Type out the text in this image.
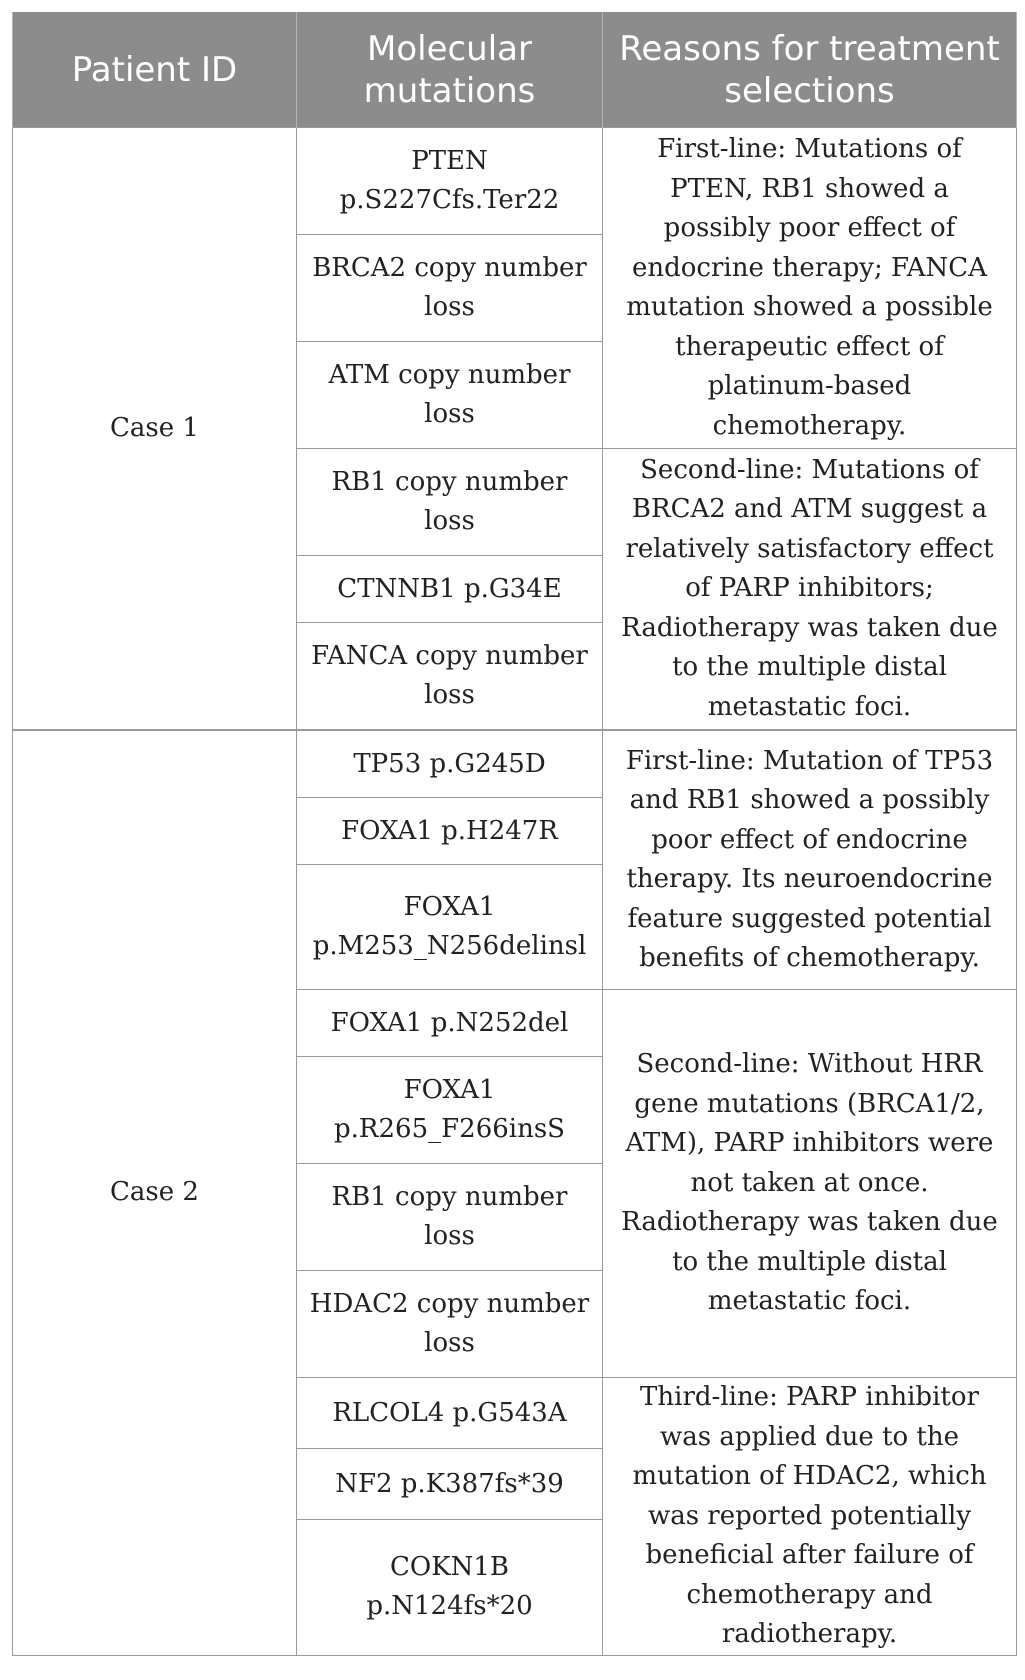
Patient ID	Molecular mutations	Reasons for treatment selections
Case 1	PTEN p.S227Cfs.Ter22	First-line: Mutations of PTEN, RB1 showed a possibly poor effect of endocrine therapy; FANCA mutation showed a possible therapeutic effect of platinum-based chemotherapy.
	BRCA2 copy number loss	
	ATM copy number loss	
	RB1 copy number loss	Second-line: Mutations of BRCA2 and ATM suggest a relatively satisfactory effect of PARP inhibitors; Radiotherapy was taken due to the multiple distal metastatic foci.
	CTNNB1 p.G34E	
	FANCA copy number loss	
Case 2	TP53 p.G245D	First-line: Mutation of TP53 and RB1 showed a possibly poor effect of endocrine therapy. Its neuroendocrine feature suggested potential benefits of chemotherapy.
	FOXA1 p.H247R	
	FOXA1 p.M253_N256delinsl	
	FOXA1 p.N252del	Second-line: Without HRR gene mutations (BRCA1/2, ATM), PARP inhibitors were not taken at once. Radiotherapy was taken due to the multiple distal metastatic foci.
	FOXA1 p.R265_F266insS	
	RB1 copy number loss	
	HDAC2 copy number loss	
	RLCOL4 p.G543A	Third-line: PARP inhibitor was applied due to the mutation of HDAC2, which was reported potentially beneficial after failure of chemotherapy and radiotherapy.
	NF2 p.K387fs*39	
	COKN1B p.N124fs*20	
